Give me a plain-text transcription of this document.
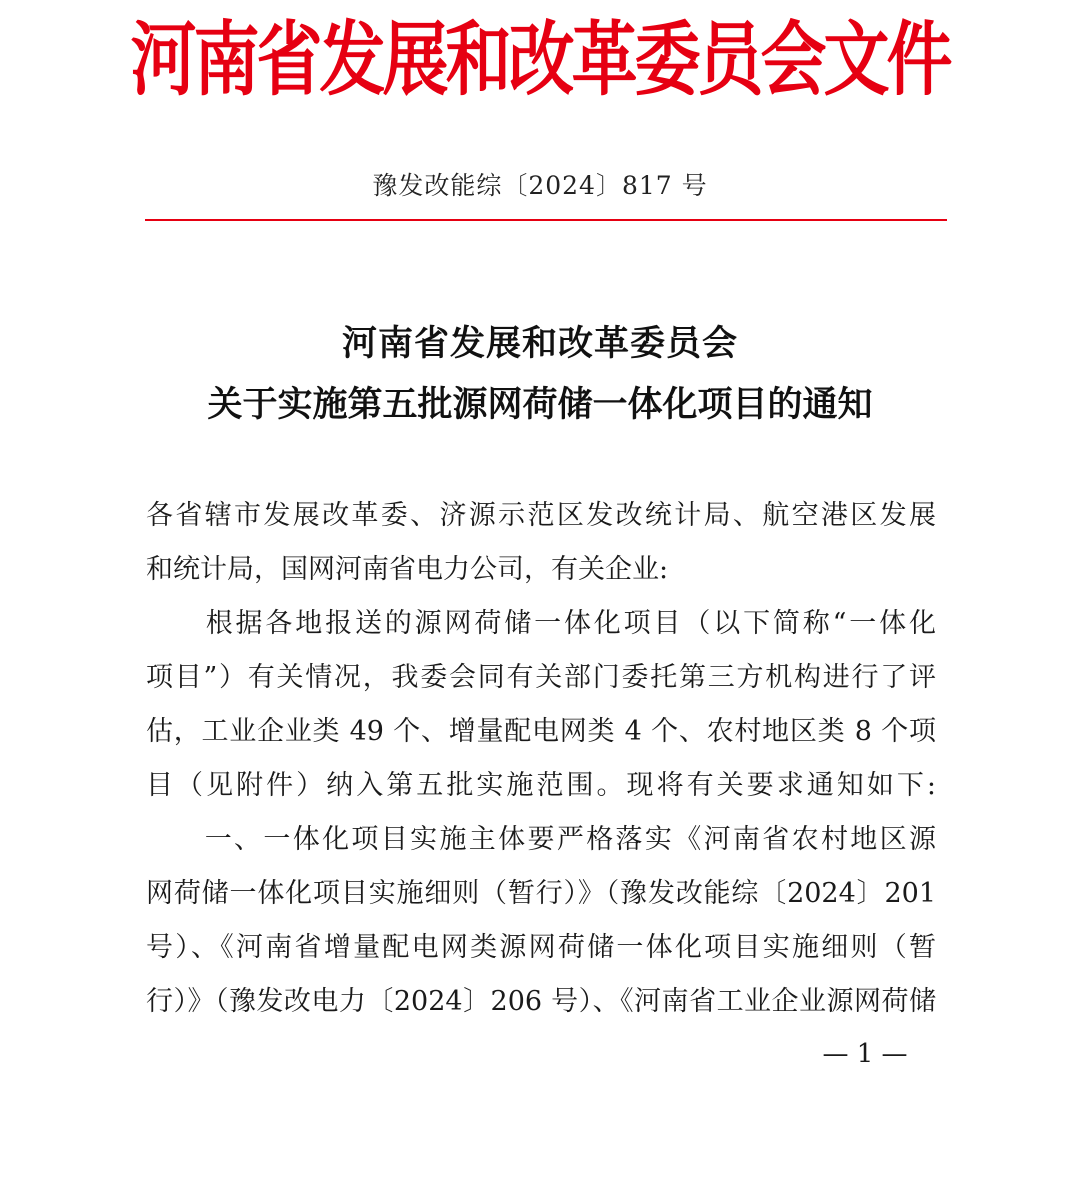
河南省发展和改革委员会文件
豫发改能综〔2024〕817 号
河南省发展和改革委员会
关于实施第五批源网荷储一体化项目的通知
各省辖市发展改革委、济源示范区发改统计局、航空港区发展
和统计局，国网河南省电力公司，有关企业:
　　根据各地报送的源网荷储一体化项目（以下简称“一体化
项目”）有关情况，我委会同有关部门委托第三方机构进行了评
估，工业企业类 49 个、增量配电网类 4 个、农村地区类 8 个项
目（见附件）纳入第五批实施范围。现将有关要求通知如下:
　　一、一体化项目实施主体要严格落实《河南省农村地区源
网荷储一体化项目实施细则（暂行）》（豫发改能综〔2024〕201
号）、《河南省增量配电网类源网荷储一体化项目实施细则（暂
行）》（豫发改电力〔2024〕206 号）、《河南省工业企业源网荷储
— 1 —
